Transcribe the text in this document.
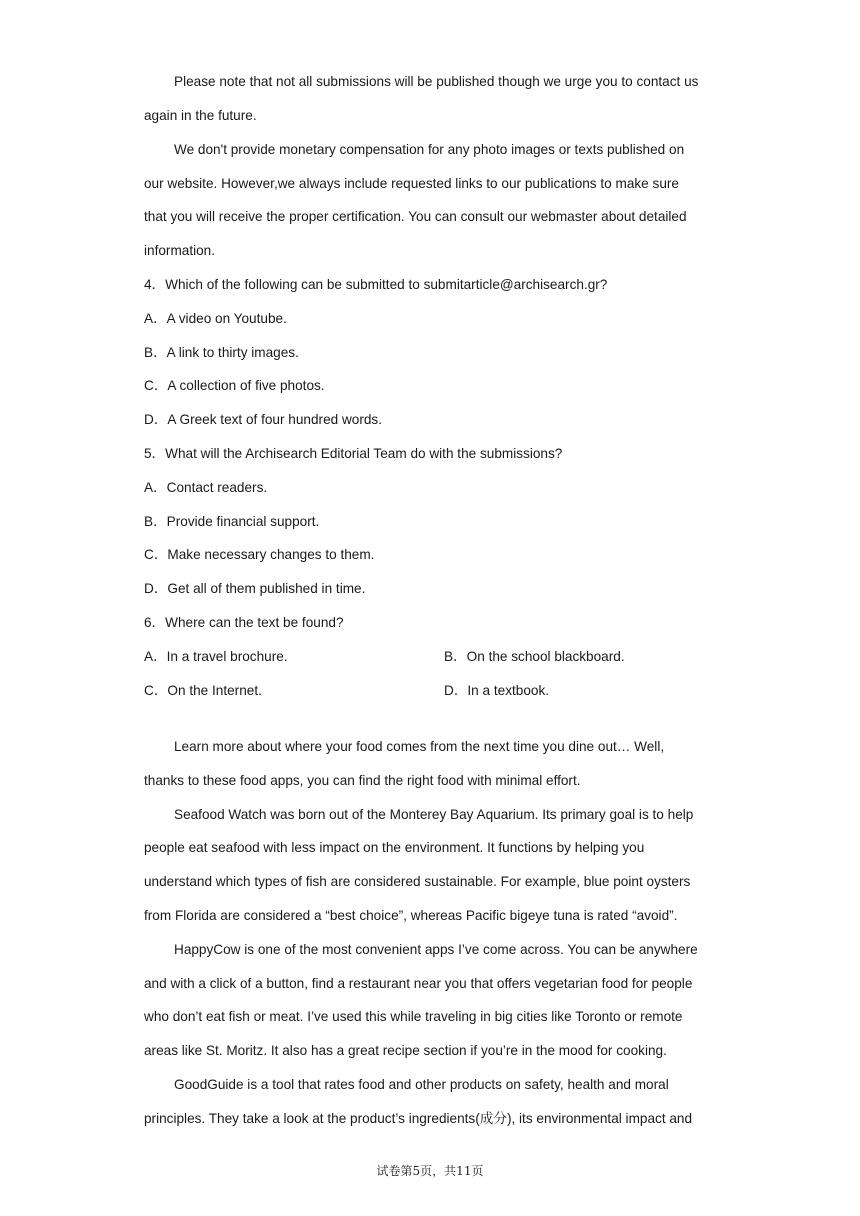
Please note that not all submissions will be published though we urge you to contact us
again in the future.
We don't provide monetary compensation for any photo images or texts published on
our website. However,we always include requested links to our publications to make sure
that you will receive the proper certification. You can consult our webmaster about detailed
information.
4．Which of the following can be submitted to submitarticle@archisearch.gr?
A．A video on Youtube.
B．A link to thirty images.
C．A collection of five photos.
D．A Greek text of four hundred words.
5．What will the Archisearch Editorial Team do with the submissions?
A．Contact readers.
B．Provide financial support.
C．Make necessary changes to them.
D．Get all of them published in time.
6．Where can the text be found?
A．In a travel brochure.	B．On the school blackboard.
C．On the Internet.	D．In a textbook.
Learn more about where your food comes from the next time you dine out… Well,
thanks to these food apps, you can find the right food with minimal effort.
Seafood Watch was born out of the Monterey Bay Aquarium. Its primary goal is to help
people eat seafood with less impact on the environment. It functions by helping you
understand which types of fish are considered sustainable. For example, blue point oysters
from Florida are considered a “best choice”, whereas Pacific bigeye tuna is rated “avoid”.
HappyCow is one of the most convenient apps I’ve come across. You can be anywhere
and with a click of a button, find a restaurant near you that offers vegetarian food for people
who don’t eat fish or meat. I’ve used this while traveling in big cities like Toronto or remote
areas like St. Moritz. It also has a great recipe section if you’re in the mood for cooking.
GoodGuide is a tool that rates food and other products on safety, health and moral
principles. They take a look at the product’s ingredients(成分), its environmental impact and
试卷第5页，共11页
